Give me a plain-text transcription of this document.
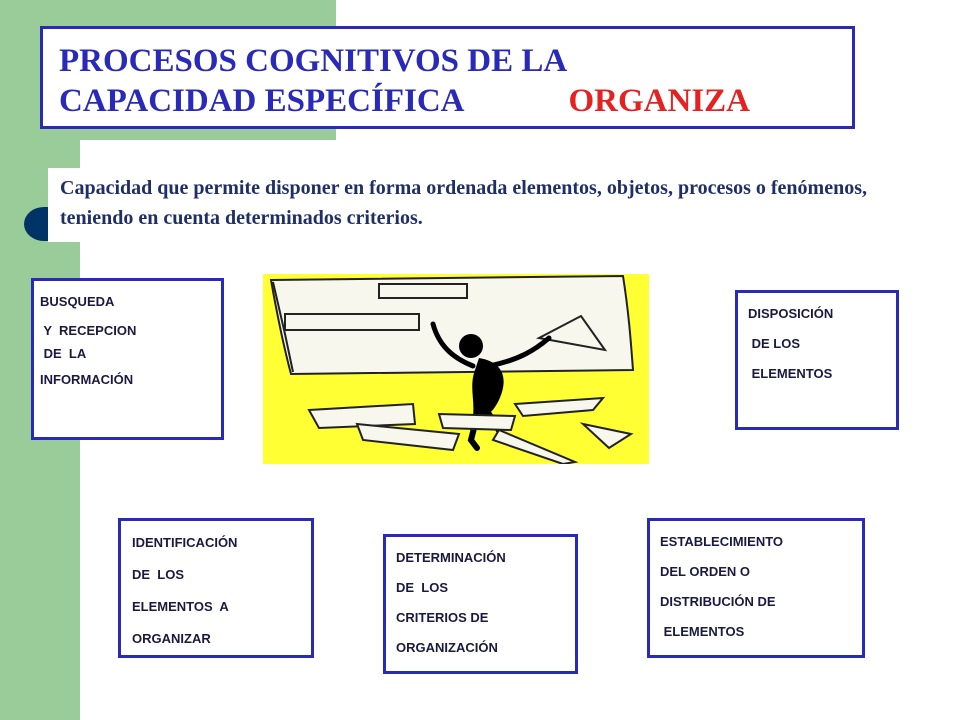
PROCESOS COGNITIVOS DE LA
CAPACIDAD ESPECÍFICA	ORGANIZA
Capacidad que permite disponer en forma ordenada elementos, objetos, procesos o fenómenos, teniendo en cuenta determinados criterios.
BUSQUEDA
Y  RECEPCION
DE  LA
INFORMACIÓN
DISPOSICIÓN
DE LOS
ELEMENTOS
IDENTIFICACIÓN
DE  LOS
ELEMENTOS  A
ORGANIZAR
DETERMINACIÓN
DE  LOS
CRITERIOS DE
ORGANIZACIÓN
ESTABLECIMIENTO
DEL ORDEN O
DISTRIBUCIÓN DE
ELEMENTOS
